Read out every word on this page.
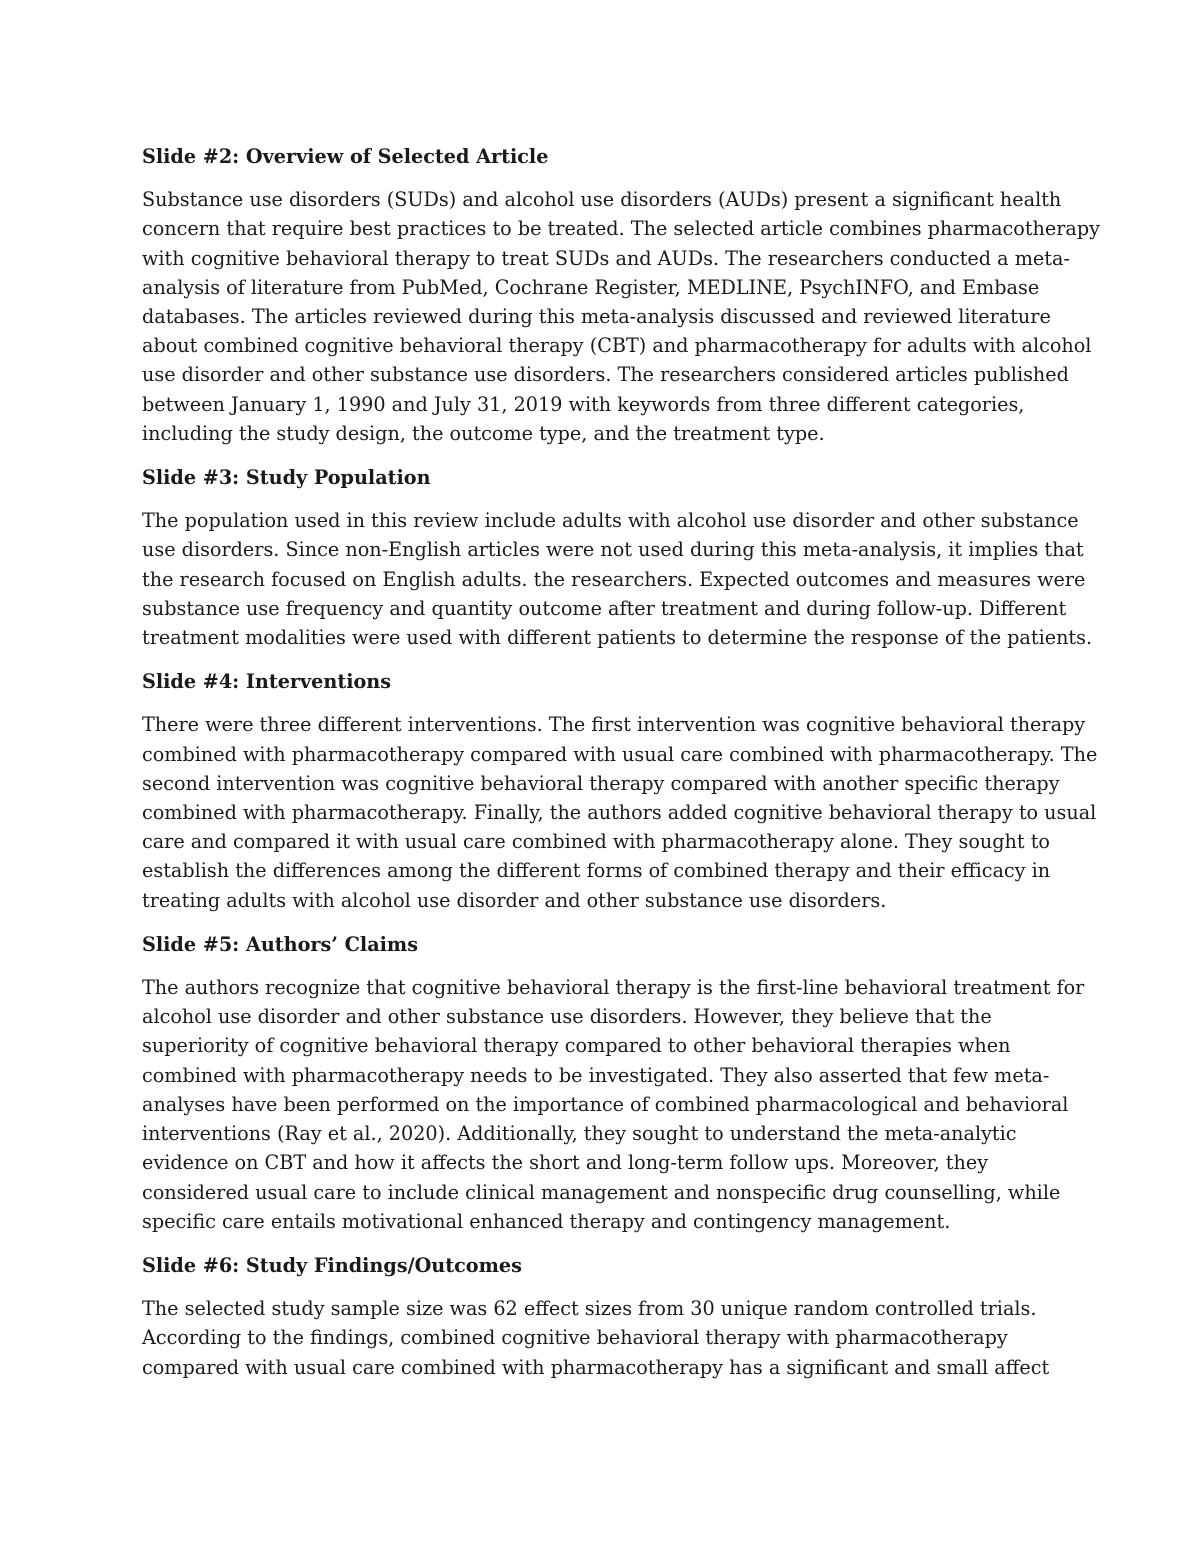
Slide #2: Overview of Selected Article

Substance use disorders (SUDs) and alcohol use disorders (AUDs) present a significant health concern that require best practices to be treated. The selected article combines pharmacotherapy with cognitive behavioral therapy to treat SUDs and AUDs. The researchers conducted a meta-analysis of literature from PubMed, Cochrane Register, MEDLINE, PsychINFO, and Embase databases. The articles reviewed during this meta-analysis discussed and reviewed literature about combined cognitive behavioral therapy (CBT) and pharmacotherapy for adults with alcohol use disorder and other substance use disorders. The researchers considered articles published between January 1, 1990 and July 31, 2019 with keywords from three different categories, including the study design, the outcome type, and the treatment type.

Slide #3: Study Population

The population used in this review include adults with alcohol use disorder and other substance use disorders. Since non-English articles were not used during this meta-analysis, it implies that the research focused on English adults. the researchers. Expected outcomes and measures were substance use frequency and quantity outcome after treatment and during follow-up. Different treatment modalities were used with different patients to determine the response of the patients.

Slide #4: Interventions

There were three different interventions. The first intervention was cognitive behavioral therapy combined with pharmacotherapy compared with usual care combined with pharmacotherapy. The second intervention was cognitive behavioral therapy compared with another specific therapy combined with pharmacotherapy. Finally, the authors added cognitive behavioral therapy to usual care and compared it with usual care combined with pharmacotherapy alone. They sought to establish the differences among the different forms of combined therapy and their efficacy in treating adults with alcohol use disorder and other substance use disorders.

Slide #5: Authors’ Claims

The authors recognize that cognitive behavioral therapy is the first-line behavioral treatment for alcohol use disorder and other substance use disorders. However, they believe that the superiority of cognitive behavioral therapy compared to other behavioral therapies when combined with pharmacotherapy needs to be investigated. They also asserted that few meta-analyses have been performed on the importance of combined pharmacological and behavioral interventions (Ray et al., 2020). Additionally, they sought to understand the meta-analytic evidence on CBT and how it affects the short and long-term follow ups. Moreover, they considered usual care to include clinical management and nonspecific drug counselling, while specific care entails motivational enhanced therapy and contingency management.

Slide #6: Study Findings/Outcomes

The selected study sample size was 62 effect sizes from 30 unique random controlled trials. According to the findings, combined cognitive behavioral therapy with pharmacotherapy compared with usual care combined with pharmacotherapy has a significant and small affect
